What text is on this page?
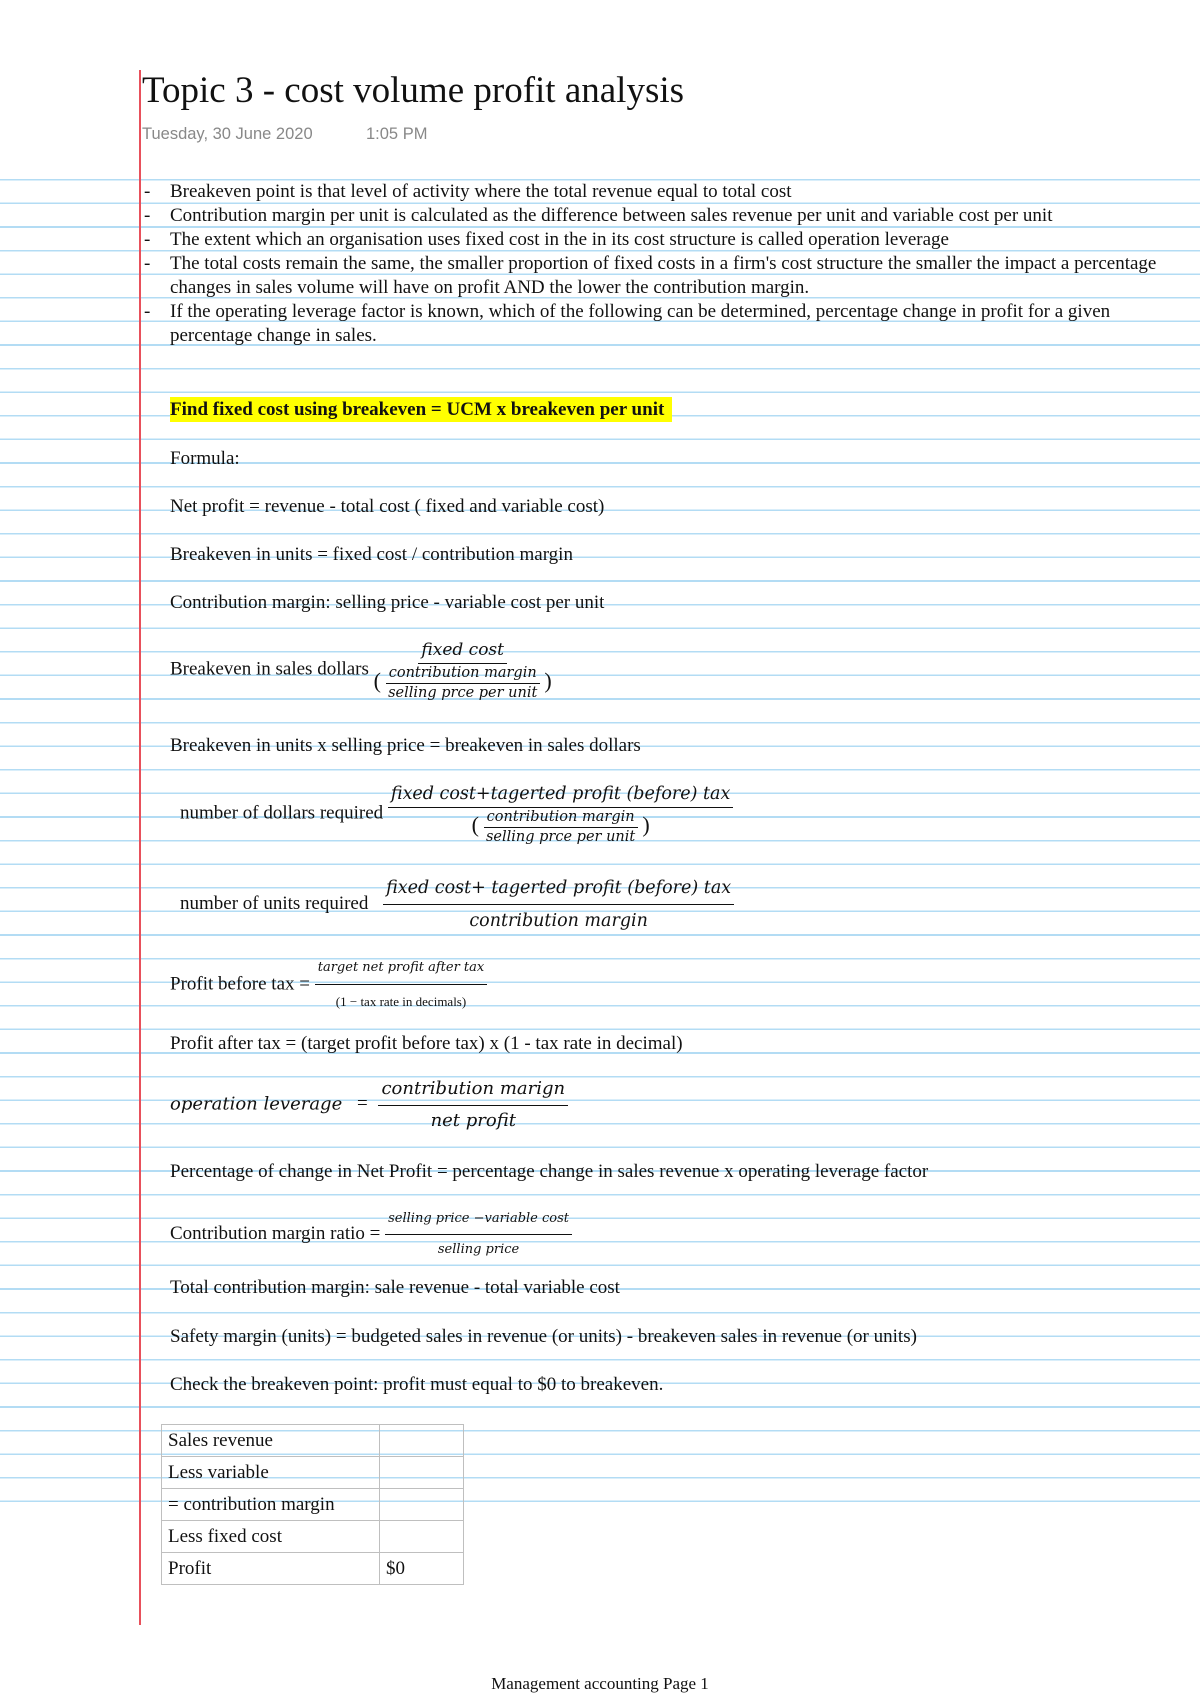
Topic 3 - cost volume profit analysis
Tuesday, 30 June 2020	1:05 PM
- Breakeven point is that level of activity where the total revenue equal to total cost
- Contribution margin per unit is calculated as the difference between sales revenue per unit and variable cost per unit
- The extent which an organisation uses fixed cost in the in its cost structure is called operation leverage
- The total costs remain the same, the smaller proportion of fixed costs in a firm's cost structure the smaller the impact a percentage changes in sales volume will have on profit AND the lower the contribution margin.
- If the operating leverage factor is known, which of the following can be determined, percentage change in profit for a given percentage change in sales.
Find fixed cost using breakeven = UCM x breakeven per unit
Formula:
Net profit = revenue - total cost ( fixed and variable cost)
Breakeven in units = fixed cost / contribution margin
Contribution margin: selling price - variable cost per unit
Breakeven in sales dollars
fixed cost
( $\frac{\text{contribution margin}}{\text{selling prce per unit}}$ )
Breakeven in units x selling price = breakeven in sales dollars
number of dollars required
fixed cost+tagerted profit (before) tax
( $\frac{\text{contribution margin}}{\text{selling prce per unit}}$ )
number of units required $\frac{\text{fixed cost+ tagerted profit (before) tax}}{\text{contribution margin}}$
Profit before tax = $\frac{\text{target net profit after tax}}{\text{(1 − tax rate in decimals)}}$
Profit after tax = (target profit before tax) x (1 - tax rate in decimal)
operation leverage = $\frac{\text{contribution marign}}{\text{net profit}}$
Percentage of change in Net Profit = percentage change in sales revenue x operating leverage factor
Contribution margin ratio = $\frac{\text{selling price −variable cost}}{\text{selling price}}$
Total contribution margin: sale revenue - total variable cost
Safety margin (units) = budgeted sales in revenue (or units) - breakeven sales in revenue (or units)
Check the breakeven point: profit must equal to $0 to breakeven.
Sales revenue	
Less variable	
= contribution margin	
Less fixed cost	
Profit	$0
Management accounting Page 1
